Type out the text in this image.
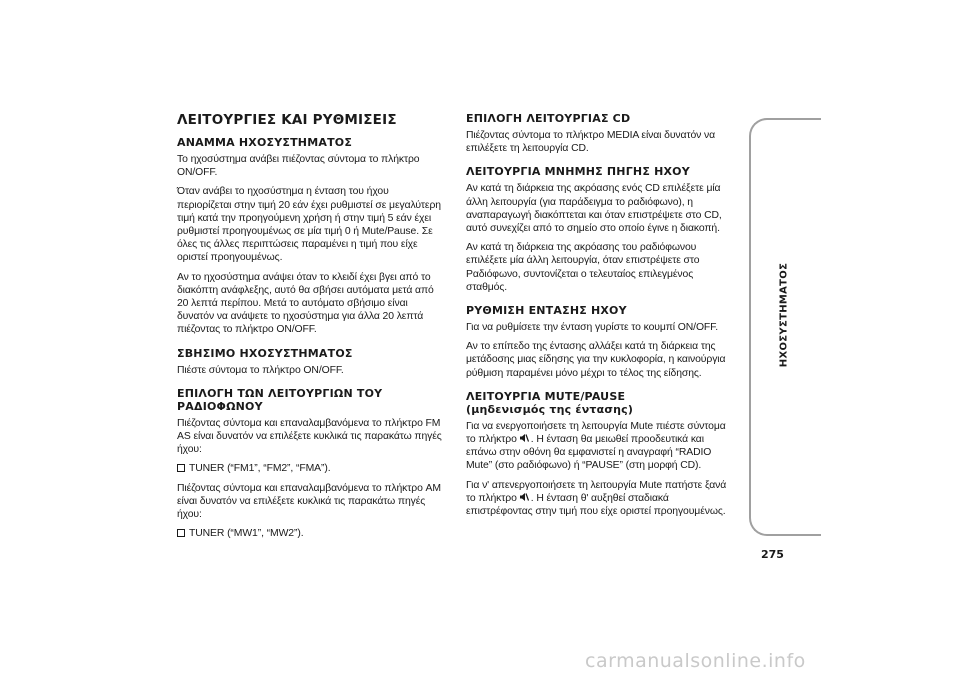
ΛΕΙΤΟΥΡΓΙΕΣ ΚΑΙ ΡΥΘΜΙΣΕΙΣ
ΑΝΑΜΜΑ ΗΧΟΣΥΣΤΗΜΑΤΟΣ

Το ηχοσύστημα ανάβει πιέζοντας σύντομα το πλήκτρο ON/OFF.

Όταν ανάβει το ηχοσύστημα η ένταση του ήχου περιορίζεται στην τιμή 20 εάν έχει ρυθμιστεί σε μεγαλύτερη τιμή κατά την προηγούμενη χρήση ή στην τιμή 5 εάν έχει ρυθμιστεί προηγουμένως σε μία τιμή 0 ή Mute/Pause. Σε όλες τις άλλες περιπτώσεις παραμένει η τιμή που είχε οριστεί προηγουμένως.

Αν το ηχοσύστημα ανάψει όταν το κλειδί έχει βγει από το διακόπτη ανάφλεξης, αυτό θα σβήσει αυτόματα μετά από 20 λεπτά περίπου. Μετά το αυτόματο σβήσιμο είναι δυνατόν να ανάψετε το ηχοσύστημα για άλλα 20 λεπτά πιέζοντας το πλήκτρο ON/OFF.

ΣΒΗΣΙΜΟ ΗΧΟΣΥΣΤΗΜΑΤΟΣ

Πιέστε σύντομα το πλήκτρο ON/OFF.

ΕΠΙΛΟΓΗ ΤΩΝ ΛΕΙΤΟΥΡΓΙΩΝ ΤΟΥ ΡΑΔΙΟΦΩΝΟΥ

Πιέζοντας σύντομα και επαναλαμβανόμενα το πλήκτρο FM AS είναι δυνατόν να επιλέξετε κυκλικά τις παρακάτω πηγές ήχου:

TUNER (“FM1”, “FM2”, “FMA”).

Πιέζοντας σύντομα και επαναλαμβανόμενα το πλήκτρο AM είναι δυνατόν να επιλέξετε κυκλικά τις παρακάτω πηγές ήχου:

TUNER (“MW1”, “MW2”).

ΕΠΙΛΟΓΗ ΛΕΙΤΟΥΡΓΙΑΣ CD

Πιέζοντας σύντομα το πλήκτρο MEDIA είναι δυνατόν να επιλέξετε τη λειτουργία CD.

ΛΕΙΤΟΥΡΓΙΑ ΜΝΗΜΗΣ ΠΗΓΗΣ ΗΧΟΥ

Αν κατά τη διάρκεια της ακρόασης ενός CD επιλέξετε μία άλλη λειτουργία (για παράδειγμα το ραδιόφωνο), η αναπαραγωγή διακόπτεται και όταν επιστρέψετε στο CD, αυτό συνεχίζει από το σημείο στο οποίο έγινε η διακοπή.

Αν κατά τη διάρκεια της ακρόασης του ραδιόφωνου επιλέξετε μία άλλη λειτουργία, όταν επιστρέψετε στο Ραδιόφωνο, συντονίζεται ο τελευταίος επιλεγμένος σταθμός.

ΡΥΘΜΙΣΗ ΕΝΤΑΣΗΣ ΗΧΟΥ

Για να ρυθμίσετε την ένταση γυρίστε το κουμπί ON/OFF.

Αν το επίπεδο της έντασης αλλάξει κατά τη διάρκεια της μετάδοσης μιας είδησης για την κυκλοφορία, η καινούργια ρύθμιση παραμένει μόνο μέχρι το τέλος της είδησης.

ΛΕΙΤΟΥΡΓΙΑ MUTE/PAUSE
(μηδενισμός της έντασης)

Για να ενεργοποιήσετε τη λειτουργία Mute πιέστε σύντομα το πλήκτρο . Η ένταση θα μειωθεί προοδευτικά και επάνω στην οθόνη θα εμφανιστεί η αναγραφή “RADIO Mute” (στο ραδιόφωνο) ή “PAUSE” (στη μορφή CD).

Για ν' απενεργοποιήσετε τη λειτουργία Mute πατήστε ξανά το πλήκτρο . Η ένταση θ' αυξηθεί σταδιακά επιστρέφοντας στην τιμή που είχε οριστεί προηγουμένως.

ΗΧΟΣΥΣΤΗΜΑΤΟΣ
275
carmanualsonline.info
